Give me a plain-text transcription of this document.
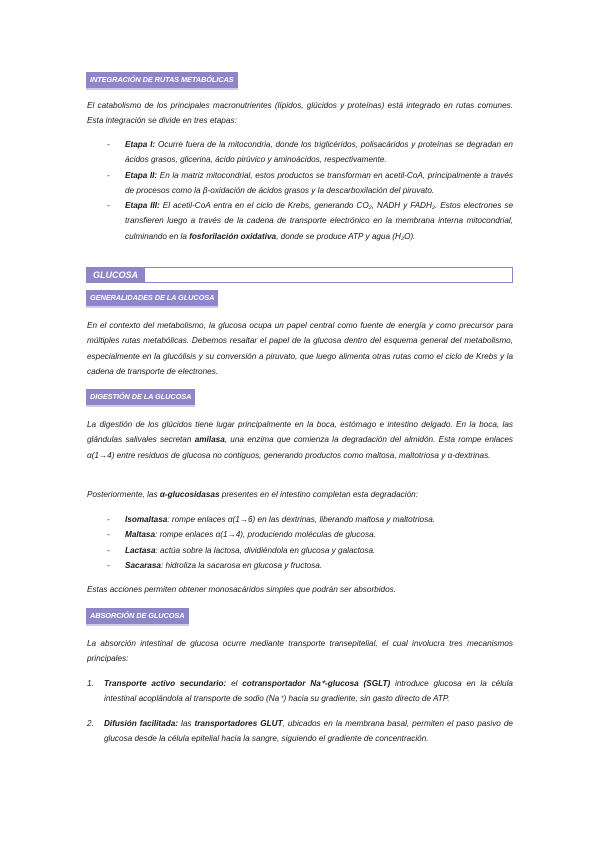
INTEGRACIÓN DE RUTAS METABÓLICAS

El catabolismo de los principales macronutrientes (lípidos, glúcidos y proteínas) está integrado en rutas comunes. Esta integración se divide en tres etapas:

- Etapa I: Ocurre fuera de la mitocondria, donde los triglicéridos, polisacáridos y proteínas se degradan en ácidos grasos, glicerina, ácido pirúvico y aminoácidos, respectivamente.
- Etapa II: En la matriz mitocondrial, estos productos se transforman en acetil-CoA, principalmente a través de procesos como la β-oxidación de ácidos grasos y la descarboxilación del piruvato.
- Etapa III: El acetil-CoA entra en el ciclo de Krebs, generando CO₂, NADH y FADH₂. Estos electrones se transfieren luego a través de la cadena de transporte electrónico en la membrana interna mitocondrial, culminando en la fosforilación oxidativa, donde se produce ATP y agua (H₂O).
GLUCOSA
GENERALIDADES DE LA GLUCOSA

En el contexto del metabolismo, la glucosa ocupa un papel central como fuente de energía y como precursor para múltiples rutas metabólicas. Debemos resaltar el papel de la glucosa dentro del esquema general del metabolismo, especialmente en la glucólisis y su conversión a piruvato, que luego alimenta otras rutas como el ciclo de Krebs y la cadena de transporte de electrones.

DIGESTIÓN DE LA GLUCOSA

La digestión de los glúcidos tiene lugar principalmente en la boca, estómago e intestino delgado. En la boca, las glándulas salivales secretan amilasa, una enzima que comienza la degradación del almidón. Esta rompe enlaces α(1→4) entre residuos de glucosa no contiguos, generando productos como maltosa, maltotriosa y α-dextrinas.

Posteriormente, las α-glucosidasas presentes en el intestino completan esta degradación:

- Isomaltasa: rompe enlaces α(1→6) en las dextrinas, liberando maltosa y maltotriosa.
- Maltasa: rompe enlaces α(1→4), produciendo moléculas de glucosa.
- Lactasa: actúa sobre la lactosa, dividiéndola en glucosa y galactosa.
- Sacarasa: hidroliza la sacarosa en glucosa y fructosa.

Estas acciones permiten obtener monosacáridos simples que podrán ser absorbidos.

ABSORCIÓN DE GLUCOSA

La absorción intestinal de glucosa ocurre mediante transporte transepitelial, el cual involucra tres mecanismos principales:

1. Transporte activo secundario: el cotransportador Na⁺-glucosa (SGLT) introduce glucosa en la célula intestinal acoplándola al transporte de sodio (Na⁺) hacia su gradiente, sin gasto directo de ATP.
2. Difusión facilitada: las transportadores GLUT, ubicados en la membrana basal, permiten el paso pasivo de glucosa desde la célula epitelial hacia la sangre, siguiendo el gradiente de concentración.
